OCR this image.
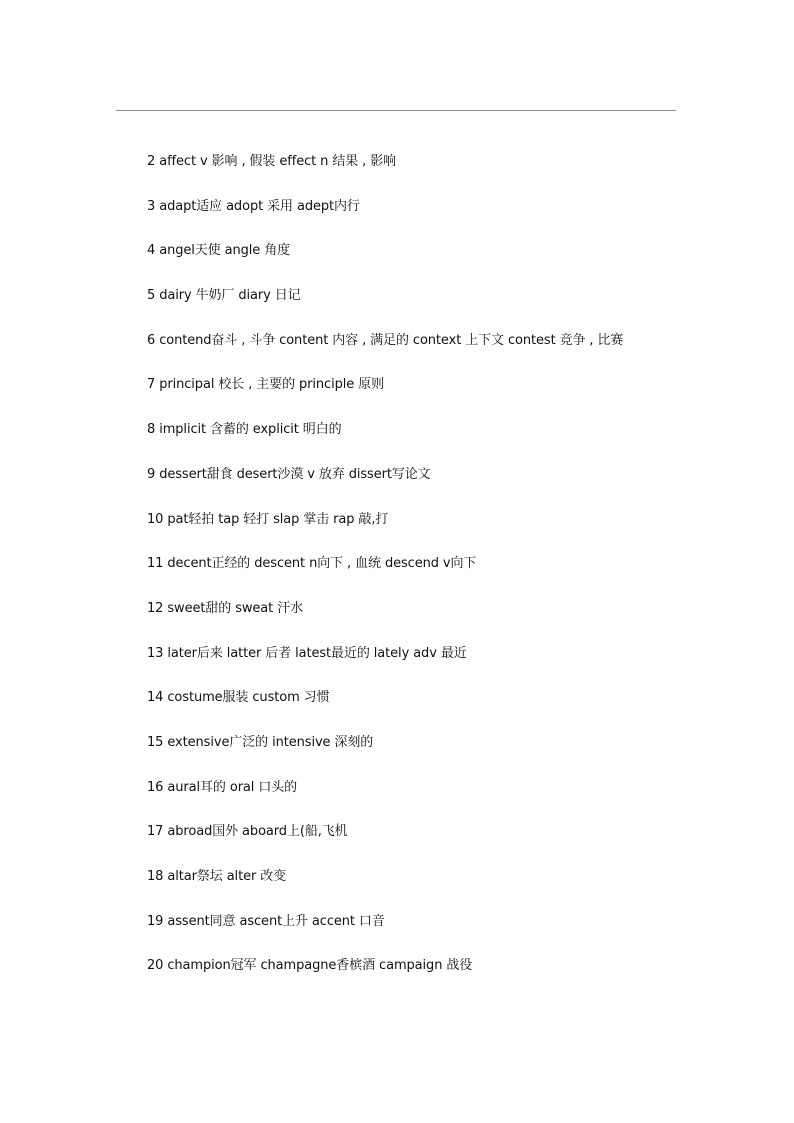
2 affect v 影响 , 假装 effect n 结果 , 影响
3 adapt适应 adopt 采用 adept内行
4 angel天使 angle 角度
5 dairy 牛奶厂 diary 日记
6 contend奋斗 , 斗争 content 内容 , 满足的 context 上下文 contest 竞争 , 比赛
7 principal 校长 , 主要的 principle 原则
8 implicit 含蓄的 explicit 明白的
9 dessert甜食 desert沙漠 v 放弃 dissert写论文
10 pat轻拍 tap 轻打 slap 掌击 rap 敲,打
11 decent正经的 descent n向下 , 血统 descend v向下
12 sweet甜的 sweat 汗水
13 later后来 latter 后者 latest最近的 lately adv 最近
14 costume服装 custom 习惯
15 extensive广泛的 intensive 深刻的
16 aural耳的 oral 口头的
17 abroad国外 aboard上(船,飞机
18 altar祭坛 alter 改变
19 assent同意 ascent上升 accent 口音
20 champion冠军 champagne香槟酒 campaign 战役
